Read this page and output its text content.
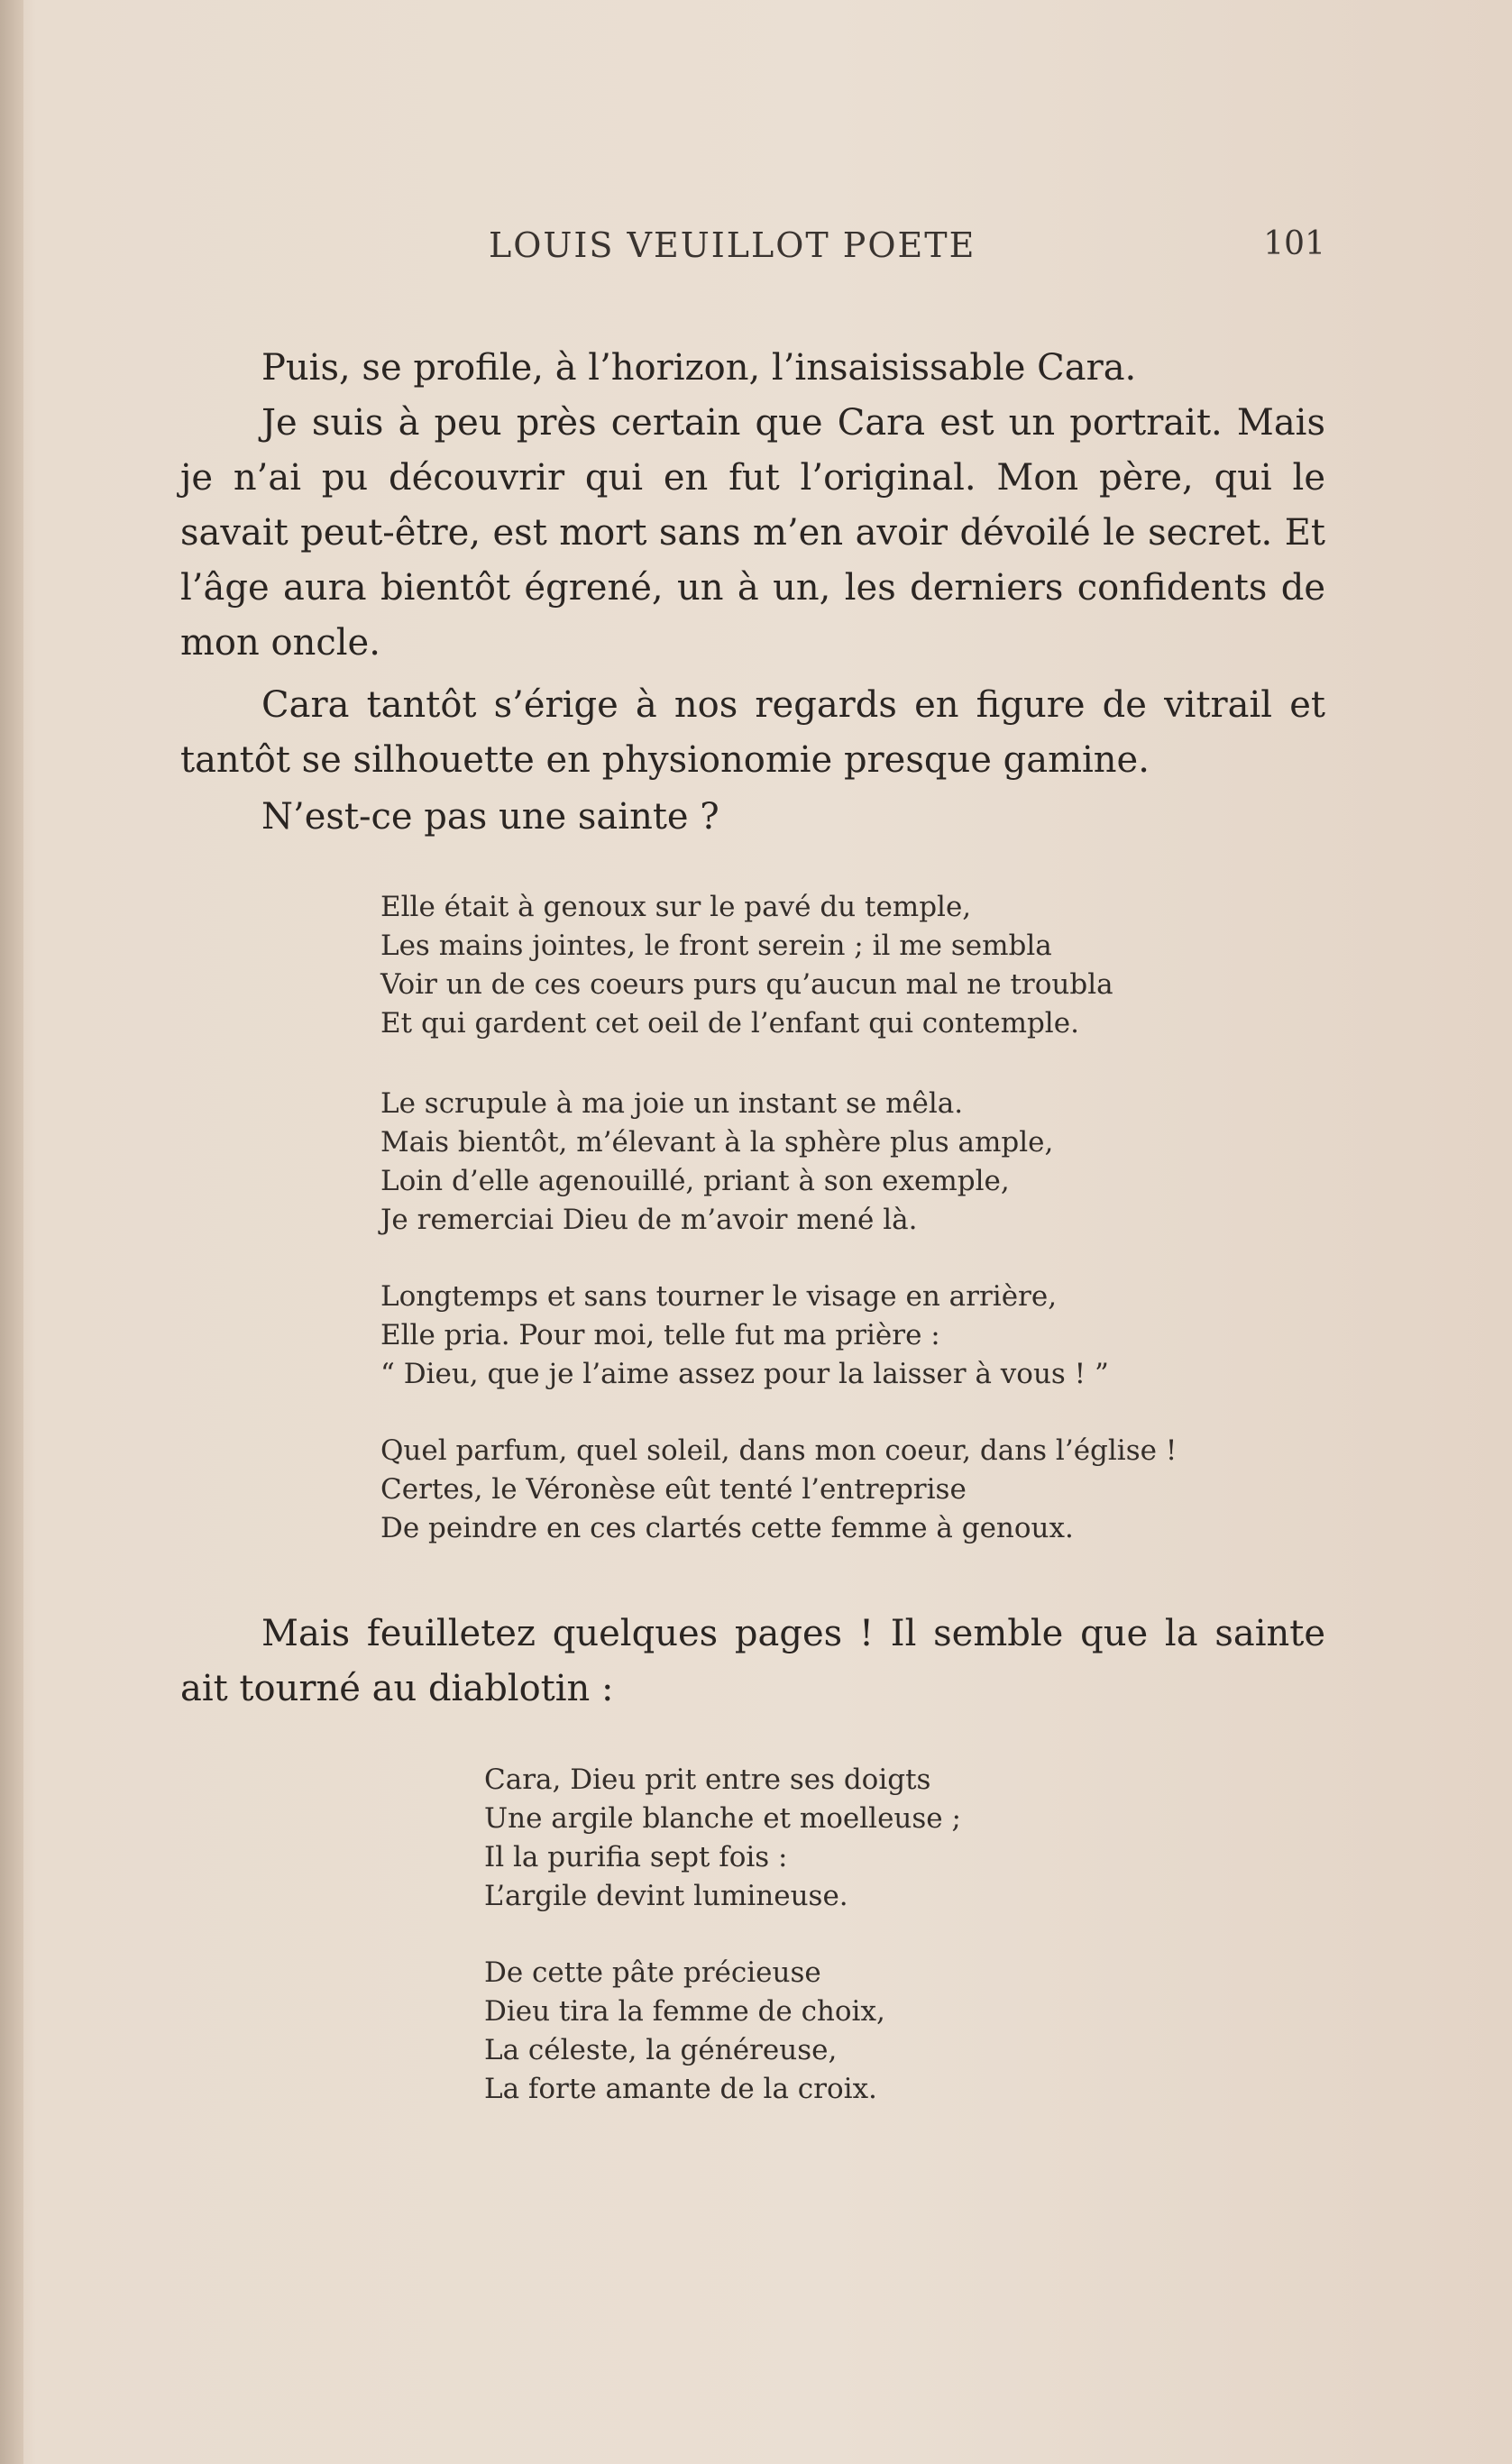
LOUIS VEUILLOT POETE	101

Puis, se profile, à l’horizon, l’insaisissable Cara.

Je suis à peu près certain que Cara est un portrait. Mais je n’ai pu découvrir qui en fut l’original. Mon père, qui le savait peut-être, est mort sans m’en avoir dévoilé le secret. Et l’âge aura bientôt égrené, un à un, les derniers confidents de mon oncle.

Cara tantôt s’érige à nos regards en figure de vitrail et tantôt se silhouette en physionomie presque gamine.

N’est-ce pas une sainte ?

Elle était à genoux sur le pavé du temple,
Les mains jointes, le front serein ; il me sembla
Voir un de ces coeurs purs qu’aucun mal ne troubla
Et qui gardent cet oeil de l’enfant qui contemple.
Le scrupule à ma joie un instant se mêla.
Mais bientôt, m’élevant à la sphère plus ample,
Loin d’elle agenouillé, priant à son exemple,
Je remerciai Dieu de m’avoir mené là.
Longtemps et sans tourner le visage en arrière,
Elle pria. Pour moi, telle fut ma prière :
“ Dieu, que je l’aime assez pour la laisser à vous ! ”
Quel parfum, quel soleil, dans mon coeur, dans l’église !
Certes, le Véronèse eût tenté l’entreprise
De peindre en ces clartés cette femme à genoux.

Mais feuilletez quelques pages ! Il semble que la sainte ait tourné au diablotin :

Cara, Dieu prit entre ses doigts
Une argile blanche et moelleuse ;
Il la purifia sept fois :
L’argile devint lumineuse.
De cette pâte précieuse
Dieu tira la femme de choix,
La céleste, la généreuse,
La forte amante de la croix.
